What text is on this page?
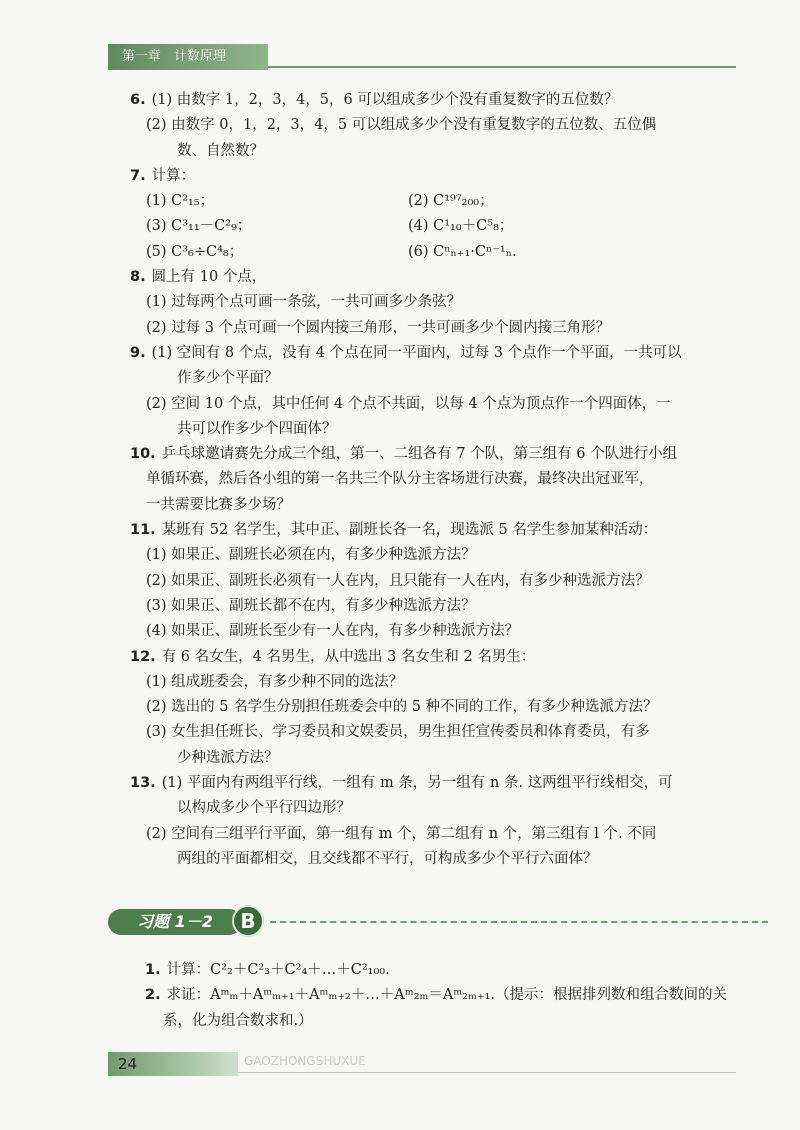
第一章　计数原理
6. (1) 由数字 1，2，3，4，5，6 可以组成多少个没有重复数字的五位数？
(2) 由数字 0，1，2，3，4，5 可以组成多少个没有重复数字的五位数、五位偶
数、自然数？
7. 计算：
(1) C²₁₅；	(2) C¹⁹⁷₂₀₀；
(3) C³₁₁－C²₉；	(4) C¹₁₀＋C⁵₈；
(5) C³₆÷C⁴₈；	(6) Cⁿₙ₊₁·Cⁿ⁻¹ₙ.
8. 圆上有 10 个点，
(1) 过每两个点可画一条弦，一共可画多少条弦？
(2) 过每 3 个点可画一个圆内接三角形，一共可画多少个圆内接三角形？
9. (1) 空间有 8 个点，没有 4 个点在同一平面内，过每 3 个点作一个平面，一共可以
作多少个平面？
(2) 空间 10 个点，其中任何 4 个点不共面，以每 4 个点为顶点作一个四面体，一
共可以作多少个四面体？
10. 乒乓球邀请赛先分成三个组，第一、二组各有 7 个队，第三组有 6 个队进行小组
单循环赛，然后各小组的第一名共三个队分主客场进行决赛，最终决出冠亚军，
一共需要比赛多少场？
11. 某班有 52 名学生，其中正、副班长各一名，现选派 5 名学生参加某种活动：
(1) 如果正、副班长必须在内，有多少种选派方法？
(2) 如果正、副班长必须有一人在内，且只能有一人在内，有多少种选派方法？
(3) 如果正、副班长都不在内，有多少种选派方法？
(4) 如果正、副班长至少有一人在内，有多少种选派方法？
12. 有 6 名女生，4 名男生，从中选出 3 名女生和 2 名男生：
(1) 组成班委会，有多少种不同的选法？
(2) 选出的 5 名学生分别担任班委会中的 5 种不同的工作，有多少种选派方法？
(3) 女生担任班长、学习委员和文娱委员，男生担任宣传委员和体育委员，有多
少种选派方法？
13. (1) 平面内有两组平行线，一组有 m 条，另一组有 n 条. 这两组平行线相交，可
以构成多少个平行四边形？
(2) 空间有三组平行平面，第一组有 m 个，第二组有 n 个，第三组有 l 个. 不同
两组的平面都相交，且交线都不平行，可构成多少个平行六面体？
习题 1－2	B
1. 计算：C²₂＋C²₃＋C²₄＋…＋C²₁₀₀.
2. 求证：Aᵐₘ＋Aᵐₘ₊₁＋Aᵐₘ₊₂＋…＋Aᵐ₂ₘ＝Aᵐ₂ₘ₊₁.（提示：根据排列数和组合数间的关
系，化为组合数求和.）
24	GAOZHONGSHUXUE
